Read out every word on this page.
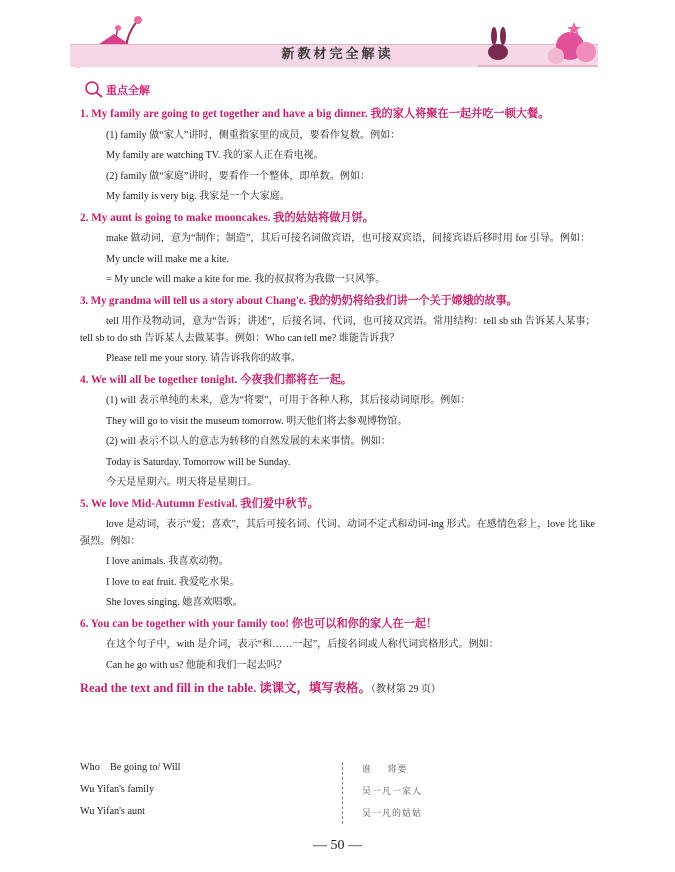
新教材完全解读
重点全解

1. My family are going to get together and have a big dinner. 我的家人将聚在一起并吃一顿大餐。

(1) family 做“家人”讲时，侧重指家里的成员，要看作复数。例如：

My family are watching TV. 我的家人正在看电视。

(2) family 做“家庭”讲时，要看作一个整体，即单数。例如：

My family is very big. 我家是一个大家庭。

2. My aunt is going to make mooncakes. 我的姑姑将做月饼。

make 做动词，意为“制作；制造”，其后可接名词做宾语，也可接双宾语，间接宾语后移时用 for 引导。例如：

My uncle will make me a kite.

= My uncle will make a kite for me. 我的叔叔将为我做一只风筝。

3. My grandma will tell us a story about Chang'e. 我的奶奶将给我们讲一个关于嫦娥的故事。

tell 用作及物动词，意为“告诉；讲述”，后接名词、代词，也可接双宾语。常用结构：tell sb sth 告诉某人某事；tell sb to do sth 告诉某人去做某事。例如：Who can tell me? 谁能告诉我？

Please tell me your story. 请告诉我你的故事。

4. We will all be together tonight. 今夜我们都将在一起。

(1) will 表示单纯的未来，意为“将要”，可用于各种人称，其后接动词原形。例如：

They will go to visit the museum tomorrow. 明天他们将去参观博物馆。

(2) will 表示不以人的意志为转移的自然发展的未来事情。例如：

Today is Saturday. Tomorrow will be Sunday.

今天是星期六。明天将是星期日。

5. We love Mid-Autumn Festival. 我们爱中秋节。

love 是动词，表示“爱；喜欢”，其后可接名词、代词、动词不定式和动词-ing 形式。在感情色彩上，love 比 like 强烈。例如：

I love animals. 我喜欢动物。

I love to eat fruit. 我爱吃水果。

She loves singing. 她喜欢唱歌。

6. You can be together with your family too! 你也可以和你的家人在一起！

在这个句子中，with 是介词，表示“和……一起”，后接名词或人称代词宾格形式。例如：

Can he go with us? 他能和我们一起去吗？

Read the text and fill in the table. 读课文，填写表格。（教材第 29 页）

Who    Be going to/ Will	谁    将要
Wu Yifan's family	吴一凡一家人
Wu Yifan's aunt	吴一凡的姑姑
— 50 —
